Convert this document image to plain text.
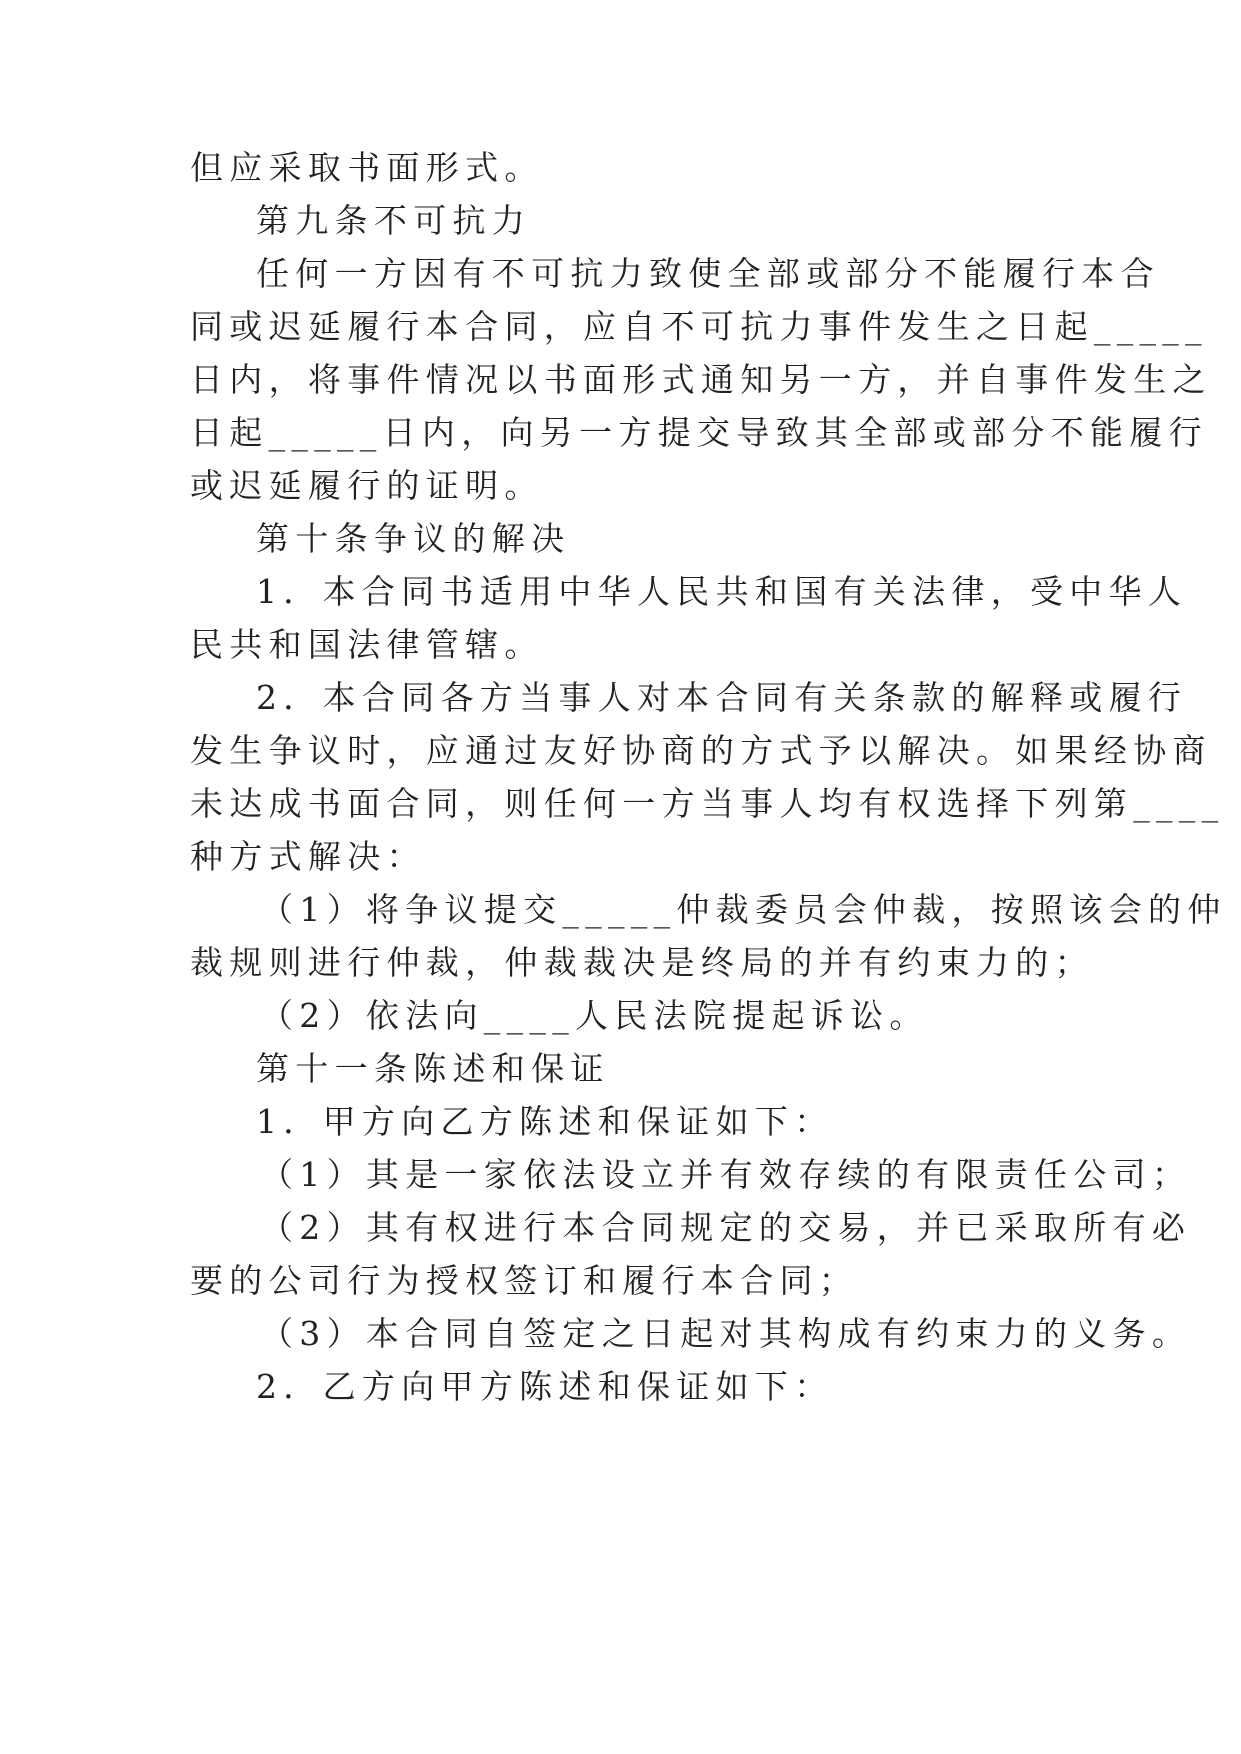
但应采取书面形式。
第九条不可抗力
任何一方因有不可抗力致使全部或部分不能履行本合
同或迟延履行本合同，应自不可抗力事件发生之日起_____
日内，将事件情况以书面形式通知另一方，并自事件发生之
日起_____日内，向另一方提交导致其全部或部分不能履行
或迟延履行的证明。
第十条争议的解决
1．本合同书适用中华人民共和国有关法律，受中华人
民共和国法律管辖。
2．本合同各方当事人对本合同有关条款的解释或履行
发生争议时，应通过友好协商的方式予以解决。如果经协商
未达成书面合同，则任何一方当事人均有权选择下列第____
种方式解决：
（1）将争议提交_____仲裁委员会仲裁，按照该会的仲
裁规则进行仲裁，仲裁裁决是终局的并有约束力的；
（2）依法向____人民法院提起诉讼。
第十一条陈述和保证
1．甲方向乙方陈述和保证如下：
（1）其是一家依法设立并有效存续的有限责任公司；
（2）其有权进行本合同规定的交易，并已采取所有必
要的公司行为授权签订和履行本合同；
（3）本合同自签定之日起对其构成有约束力的义务。
2．乙方向甲方陈述和保证如下：
